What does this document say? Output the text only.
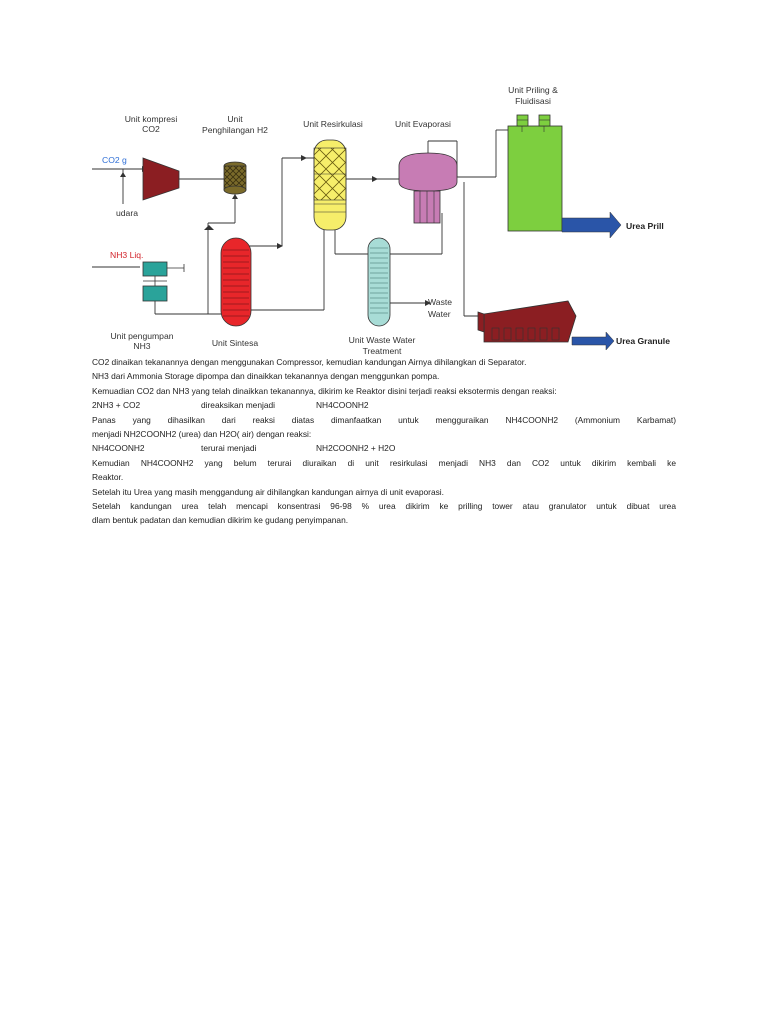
CO2 g
udara
NH3 Liq.
Unit kompresi
CO2
Unit
Penghilangan H2
Unit Resirkulasi	Unit Evaporasi
Unit Priling &
Fluidisasi
Urea Prill
Urea Granule
Waste
Water
Unit pengumpan
NH3	Unit Sintesa	Unit Waste Water
Treatment

CO2 dinaikan tekanannya dengan menggunakan Compressor, kemudian kandungan Airnya dihilangkan di Separator.

NH3 dari Ammonia Storage dipompa dan dinaikkan tekanannya dengan menggunkan pompa.

Kemuadian CO2 dan NH3 yang telah dinaikkan tekanannya, dikirim ke Reaktor disini terjadi reaksi eksotermis dengan reaksi:

2NH3 + CO2	direaksikan menjadi	NH4COONH2

Panas yang dihasilkan dari reaksi diatas dimanfaatkan untuk menggurai​kan NH4COONH2 (Ammonium Karbamat)

menjadi NH2COONH2 (urea) dan H2O( air) dengan reaksi:

NH4COONH2	terurai menjadi	NH2COONH2 + H2O

Kemudian NH4COONH2 yang belum terurai diuraikan di unit resirkulasi menjadi NH3 dan CO2 untuk dikirim kembali ke

Reaktor.

Setelah itu Urea yang masih menggandung air dihilangkan kandungan airnya di unit evaporasi.

Setelah kandungan urea telah mencapi konsentrasi 96-98 % urea dikirim ke prilling tower atau granulator untuk dibuat urea

dlam bentuk padatan dan kemudian dikirim ke gudang penyimpanan.
